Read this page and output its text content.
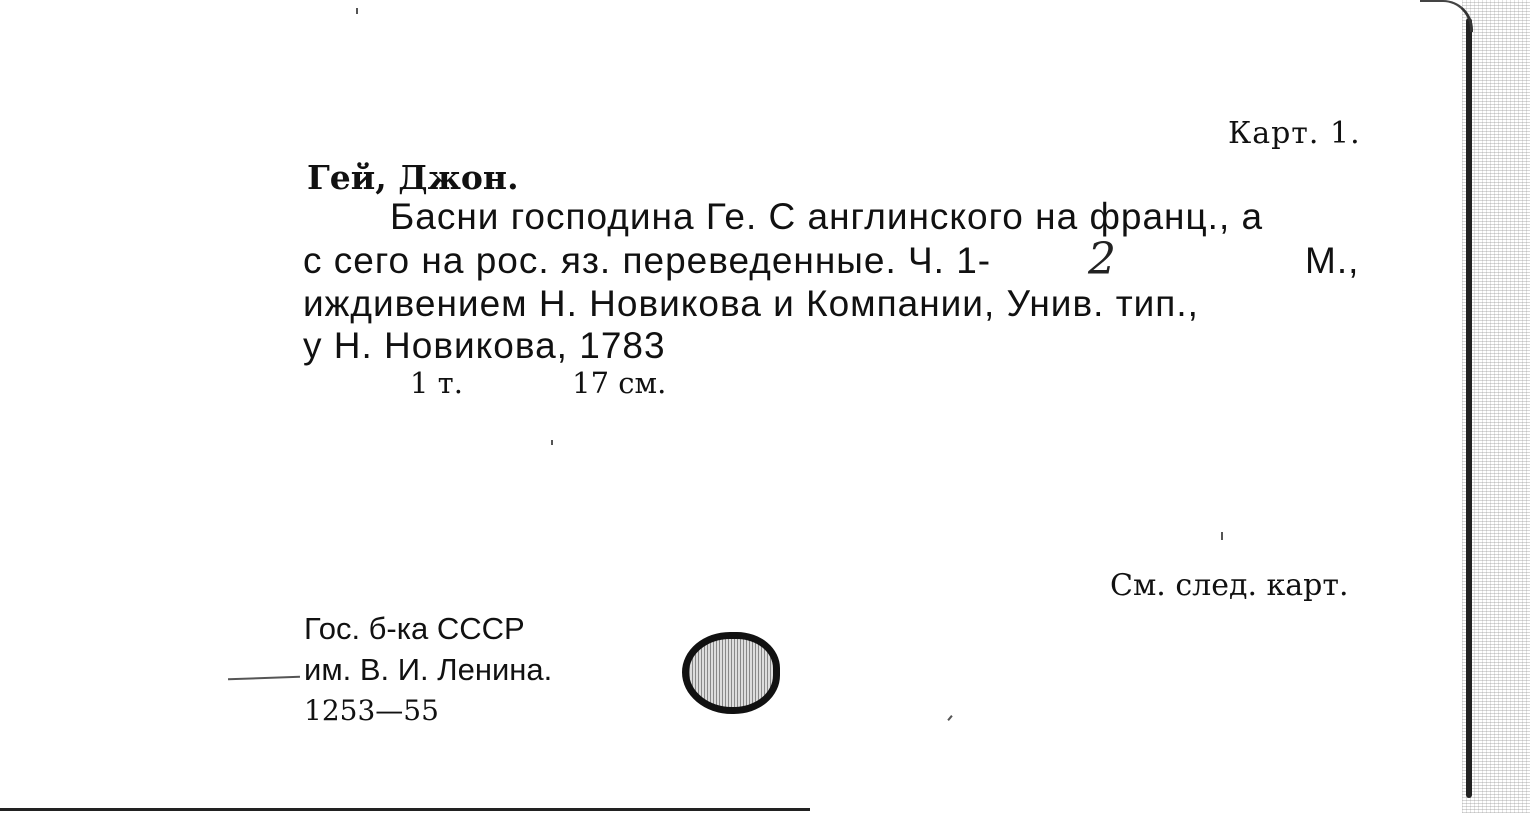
Карт. 1.
Гей, Джон.
Басни господина Ге. С англинского на франц., а
с сего на рос. яз. переведенные. Ч. 1-	2	М.,
иждивением Н. Новикова и Компании, Унив. тип.,
у Н. Новикова, 1783
1 т.	17 см.
См. след. карт.
Гос. б-ка СССР
им. В. И. Ленина.
1253—55
